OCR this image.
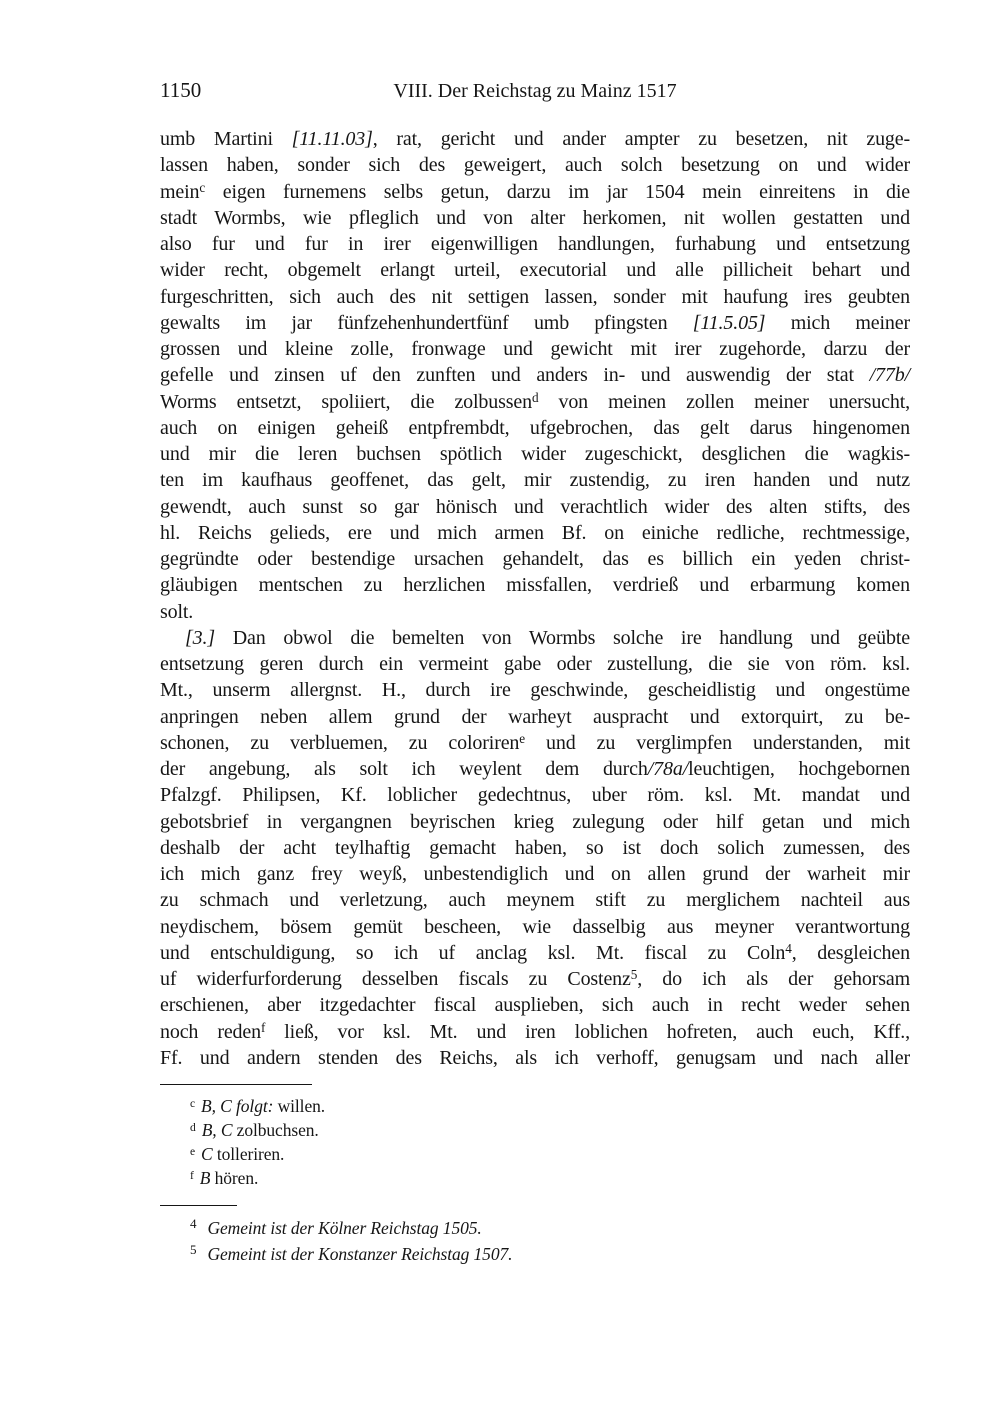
1150	VIII. Der Reichstag zu Mainz 1517
umb Martini [11.11.03], rat, gericht und ander ampter zu besetzen, nit zuge-
lassen haben, sonder sich des geweigert, auch solch besetzung on und wider
mein$^c$ eigen furnemens selbs getun, darzu im jar 1504 mein einreitens in die
stadt Wormbs, wie pfleglich und von alter herkomen, nit wollen gestatten und
also fur und fur in irer eigenwilligen handlungen, furhabung und entsetzung
wider recht, obgemelt erlangt urteil, executorial und alle pillicheit behart und
furgeschritten, sich auch des nit settigen lassen, sonder mit haufung ires geubten
gewalts im jar fünfzehenhundertfünf umb pfingsten [11.5.05] mich meiner
grossen und kleine zolle, fronwage und gewicht mit irer zugehorde, darzu der
gefelle und zinsen uf den zunften und anders in- und auswendig der stat /77b/
Worms entsetzt, spoliiert, die zolbussen$^d$ von meinen zollen meiner unersucht,
auch on einigen geheiß entpfrembdt, ufgebrochen, das gelt darus hingenomen
und mir die leren buchsen spötlich wider zugeschickt, desglichen die wagkis-
ten im kaufhaus geoffenet, das gelt, mir zustendig, zu iren handen und nutz
gewendt, auch sunst so gar hönisch und verachtlich wider des alten stifts, des
hl. Reichs gelieds, ere und mich armen Bf. on einiche redliche, rechtmessige,
gegründte oder bestendige ursachen gehandelt, das es billich ein yeden christ-
gläubigen mentschen zu herzlichen missfallen, verdrieß und erbarmung komen
solt.
[3.] Dan obwol die bemelten von Wormbs solche ire handlung und geübte
entsetzung geren durch ein vermeint gabe oder zustellung, die sie von röm. ksl.
Mt., unserm allergnst. H., durch ire geschwinde, gescheidlistig und ongestüme
anpringen neben allem grund der warheyt auspracht und extorquirt, zu be-
schonen, zu verbluemen, zu coloriren$^e$ und zu verglimpfen understanden, mit
der angebung, als solt ich weylent dem durch/78a/leuchtigen, hochgebornen
Pfalzgf. Philipsen, Kf. loblicher gedechtnus, uber röm. ksl. Mt. mandat und
gebotsbrief in vergangnen beyrischen krieg zulegung oder hilf getan und mich
deshalb der acht teylhaftig gemacht haben, so ist doch solich zumessen, des
ich mich ganz frey weyß, unbestendiglich und on allen grund der warheit mir
zu schmach und verletzung, auch meynem stift zu merglichem nachteil aus
neydischem, bösem gemüt bescheen, wie dasselbig aus meyner verantwortung
und entschuldigung, so ich uf anclag ksl. Mt. fiscal zu Coln$^4$, desgleichen
uf widerfurforderung desselben fiscals zu Costenz$^5$, do ich als der gehorsam
erschienen, aber itzgedachter fiscal ausplieben, sich auch in recht weder sehen
noch reden$^f$ ließ, vor ksl. Mt. und iren loblichen hofreten, auch euch, Kff.,
Ff. und andern stenden des Reichs, als ich verhoff, genugsam und nach aller
$^c$ B, C folgt: willen.
$^d$ B, C zolbuchsen.
$^e$ C tolleriren.
$^f$ B hören.
$^4$ Gemeint ist der Kölner Reichstag 1505.
$^5$ Gemeint ist der Konstanzer Reichstag 1507.
